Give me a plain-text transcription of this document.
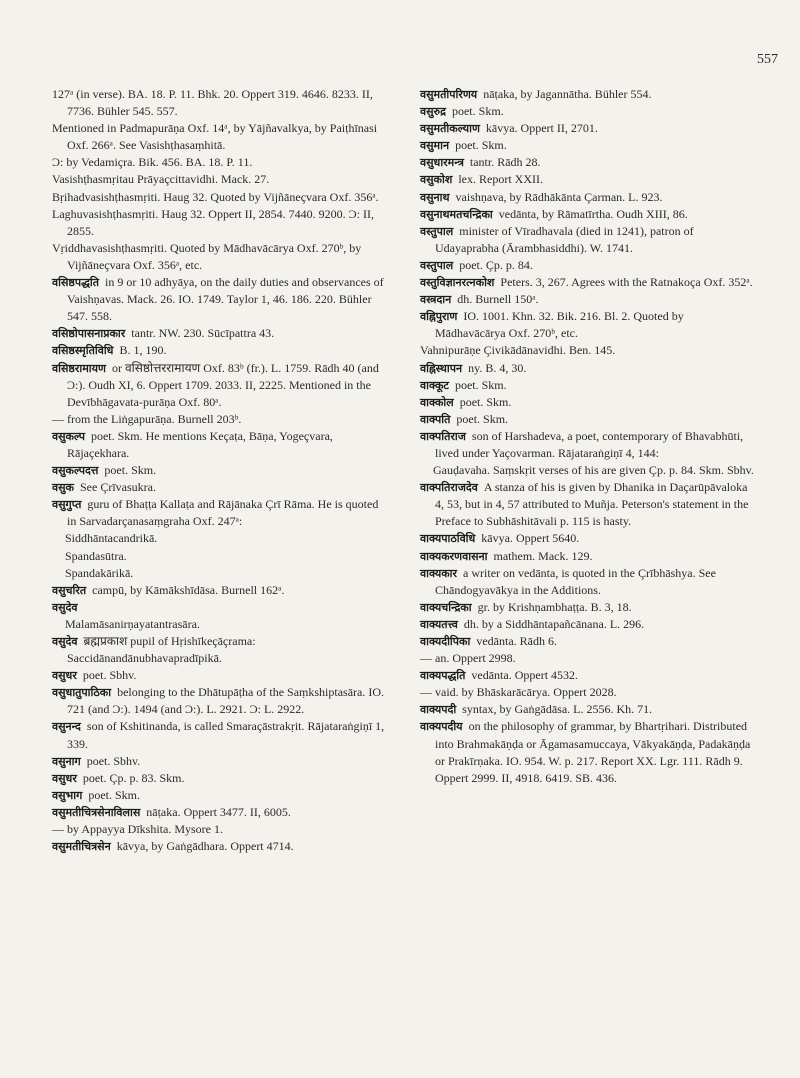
557

127ᵃ (in verse). BA. 18. P. 11. Bhk. 20. Oppert 319. 4646. 8233. II, 7736. Bühler 545. 557.

Mentioned in Padmapurāṇa Oxf. 14ᵃ, by Yājñavalkya, by Paiṭhīnasi Oxf. 266ᵃ. See Vasishṭhasaṃhitā.

Ɔ: by Vedamiçra. Bik. 456. BA. 18. P. 11.

Vasishṭhasmṛitau Prāyaçcittavidhi. Mack. 27.

Bṛihadvasishṭhasmṛiti. Haug 32. Quoted by Vijñāneçvara Oxf. 356ᵃ.

Laghuvasishṭhasmṛiti. Haug 32. Oppert II, 2854. 7440. 9200. Ɔ: II, 2855.

Vṛiddhavasishṭhasmṛiti. Quoted by Mādhavācārya Oxf. 270ᵇ, by Vijñāneçvara Oxf. 356ᵃ, etc.

वसिष्ठपद्धति in 9 or 10 adhyāya, on the daily duties and observances of Vaishṇavas. Mack. 26. IO. 1749. Taylor 1, 46. 186. 220. Bühler 547. 558.

वसिष्ठोपासनाप्रकार tantr. NW. 230. Sūcīpattra 43.

वसिष्ठस्मृतिविधि B. 1, 190.

वसिष्ठरामायण or वसिष्ठोत्तररामायण Oxf. 83ᵇ (fr.). L. 1759. Rādh 40 (and Ɔ:). Oudh XI, 6. Oppert 1709. 2033. II, 2225. Mentioned in the Devībhāgavata-purāṇa Oxf. 80ᵃ.

— from the Liṅgapurāṇa. Burnell 203ᵇ.

वसुकल्प poet. Skm. He mentions Keçaṭa, Bāṇa, Yogeçvara, Rājaçekhara.

वसुकल्पदत्त poet. Skm.

वसुक See Çrīvasukra.

वसुगुप्त guru of Bhaṭṭa Kallaṭa and Rājānaka Çrī Rāma. He is quoted in Sarvadarçanasaṃgraha Oxf. 247ᵃ:

Siddhāntacandrikā.

Spandasūtra.

Spandakārikā.

वसुचरित campū, by Kāmākshīdāsa. Burnell 162ᵃ.

वसुदेव

Malamāsanirṇayatantrasāra.

वसुदेव ब्रह्मप्रकाश pupil of Hṛishīkeçāçrama: Saccidānandānubhavapradīpikā.

वसुधर poet. Sbhv.

वसुधातुपाठिका belonging to the Dhātupāṭha of the Saṃkshiptasāra. IO. 721 (and Ɔ:). 1494 (and Ɔ:). L. 2921. Ɔ: L. 2922.

वसुनन्द son of Kshitinanda, is called Smaraçāstrakṛit. Rājataraṅgiṇī 1, 339.

वसुनाग poet. Sbhv.

वसुधर poet. Çp. p. 83. Skm.

वसुभाग poet. Skm.

वसुमतीचित्रसेनाविलास nāṭaka. Oppert 3477. II, 6005.

— by Appayya Dīkshita. Mysore 1.

वसुमतीचित्रसेन kāvya, by Gaṅgādhara. Oppert 4714.

वसुमतीपरिणय nāṭaka, by Jagannātha. Bühler 554.

वसुरुद्र poet. Skm.

वसुमतीकल्याण kāvya. Oppert II, 2701.

वसुमान poet. Skm.

वसुधारमन्त्र tantr. Rādh 28.

वसुकोश lex. Report XXII.

वसुनाथ vaishṇava, by Rādhākānta Çarman. L. 923.

वसुनाथमतचन्द्रिका vedānta, by Rāmatīrtha. Oudh XIII, 86.

वस्तुपाल minister of Vīradhavala (died in 1241), patron of Udayaprabha (Ārambhasiddhi). W. 1741.

वस्तुपाल poet. Çp. p. 84.

वस्तुविज्ञानरत्नकोश Peters. 3, 267. Agrees with the Ratnakoça Oxf. 352ᵃ.

वस्त्रदान dh. Burnell 150ᵃ.

वह्निपुराण IO. 1001. Khn. 32. Bik. 216. Bl. 2. Quoted by Mādhavācārya Oxf. 270ᵇ, etc.

Vahnipurāṇe Çivikādānavidhi. Ben. 145.

वह्निस्थापन ny. B. 4, 30.

वाक्कूट poet. Skm.

वाक्कोल poet. Skm.

वाक्पति poet. Skm.

वाक्पतिराज son of Harshadeva, a poet, contemporary of Bhavabhūti, lived under Yaçovarman. Rājataraṅgiṇī 4, 144:

Gauḍavaha. Saṃskṛit verses of his are given Çp. p. 84. Skm. Sbhv.

वाक्पतिराजदेव A stanza of his is given by Dhanika in Daçarūpāvaloka 4, 53, but in 4, 57 attributed to Muñja. Peterson's statement in the Preface to Subhāshitāvali p. 115 is hasty.

वाक्यपाठविधि kāvya. Oppert 5640.

वाक्यकरणवासना mathem. Mack. 129.

वाक्यकार a writer on vedānta, is quoted in the Çrībhāshya. See Chāndogyavākya in the Additions.

वाक्यचन्द्रिका gr. by Krishṇambhaṭṭa. B. 3, 18.

वाक्यतत्त्व dh. by a Siddhāntapañcānana. L. 296.

वाक्यदीपिका vedānta. Rādh 6.

— an. Oppert 2998.

वाक्यपद्धति vedānta. Oppert 4532.

— vaid. by Bhāskarācārya. Oppert 2028.

वाक्यपदी syntax, by Gaṅgādāsa. L. 2556. Kh. 71.

वाक्यपदीय on the philosophy of grammar, by Bhartṛihari. Distributed into Brahmakāṇḍa or Āgamasamuccaya, Vākyakāṇḍa, Padakāṇḍa or Prakīrṇaka. IO. 954. W. p. 217. Report XX. Lgr. 111. Rādh 9. Oppert 2999. II, 4918. 6419. SB. 436.
